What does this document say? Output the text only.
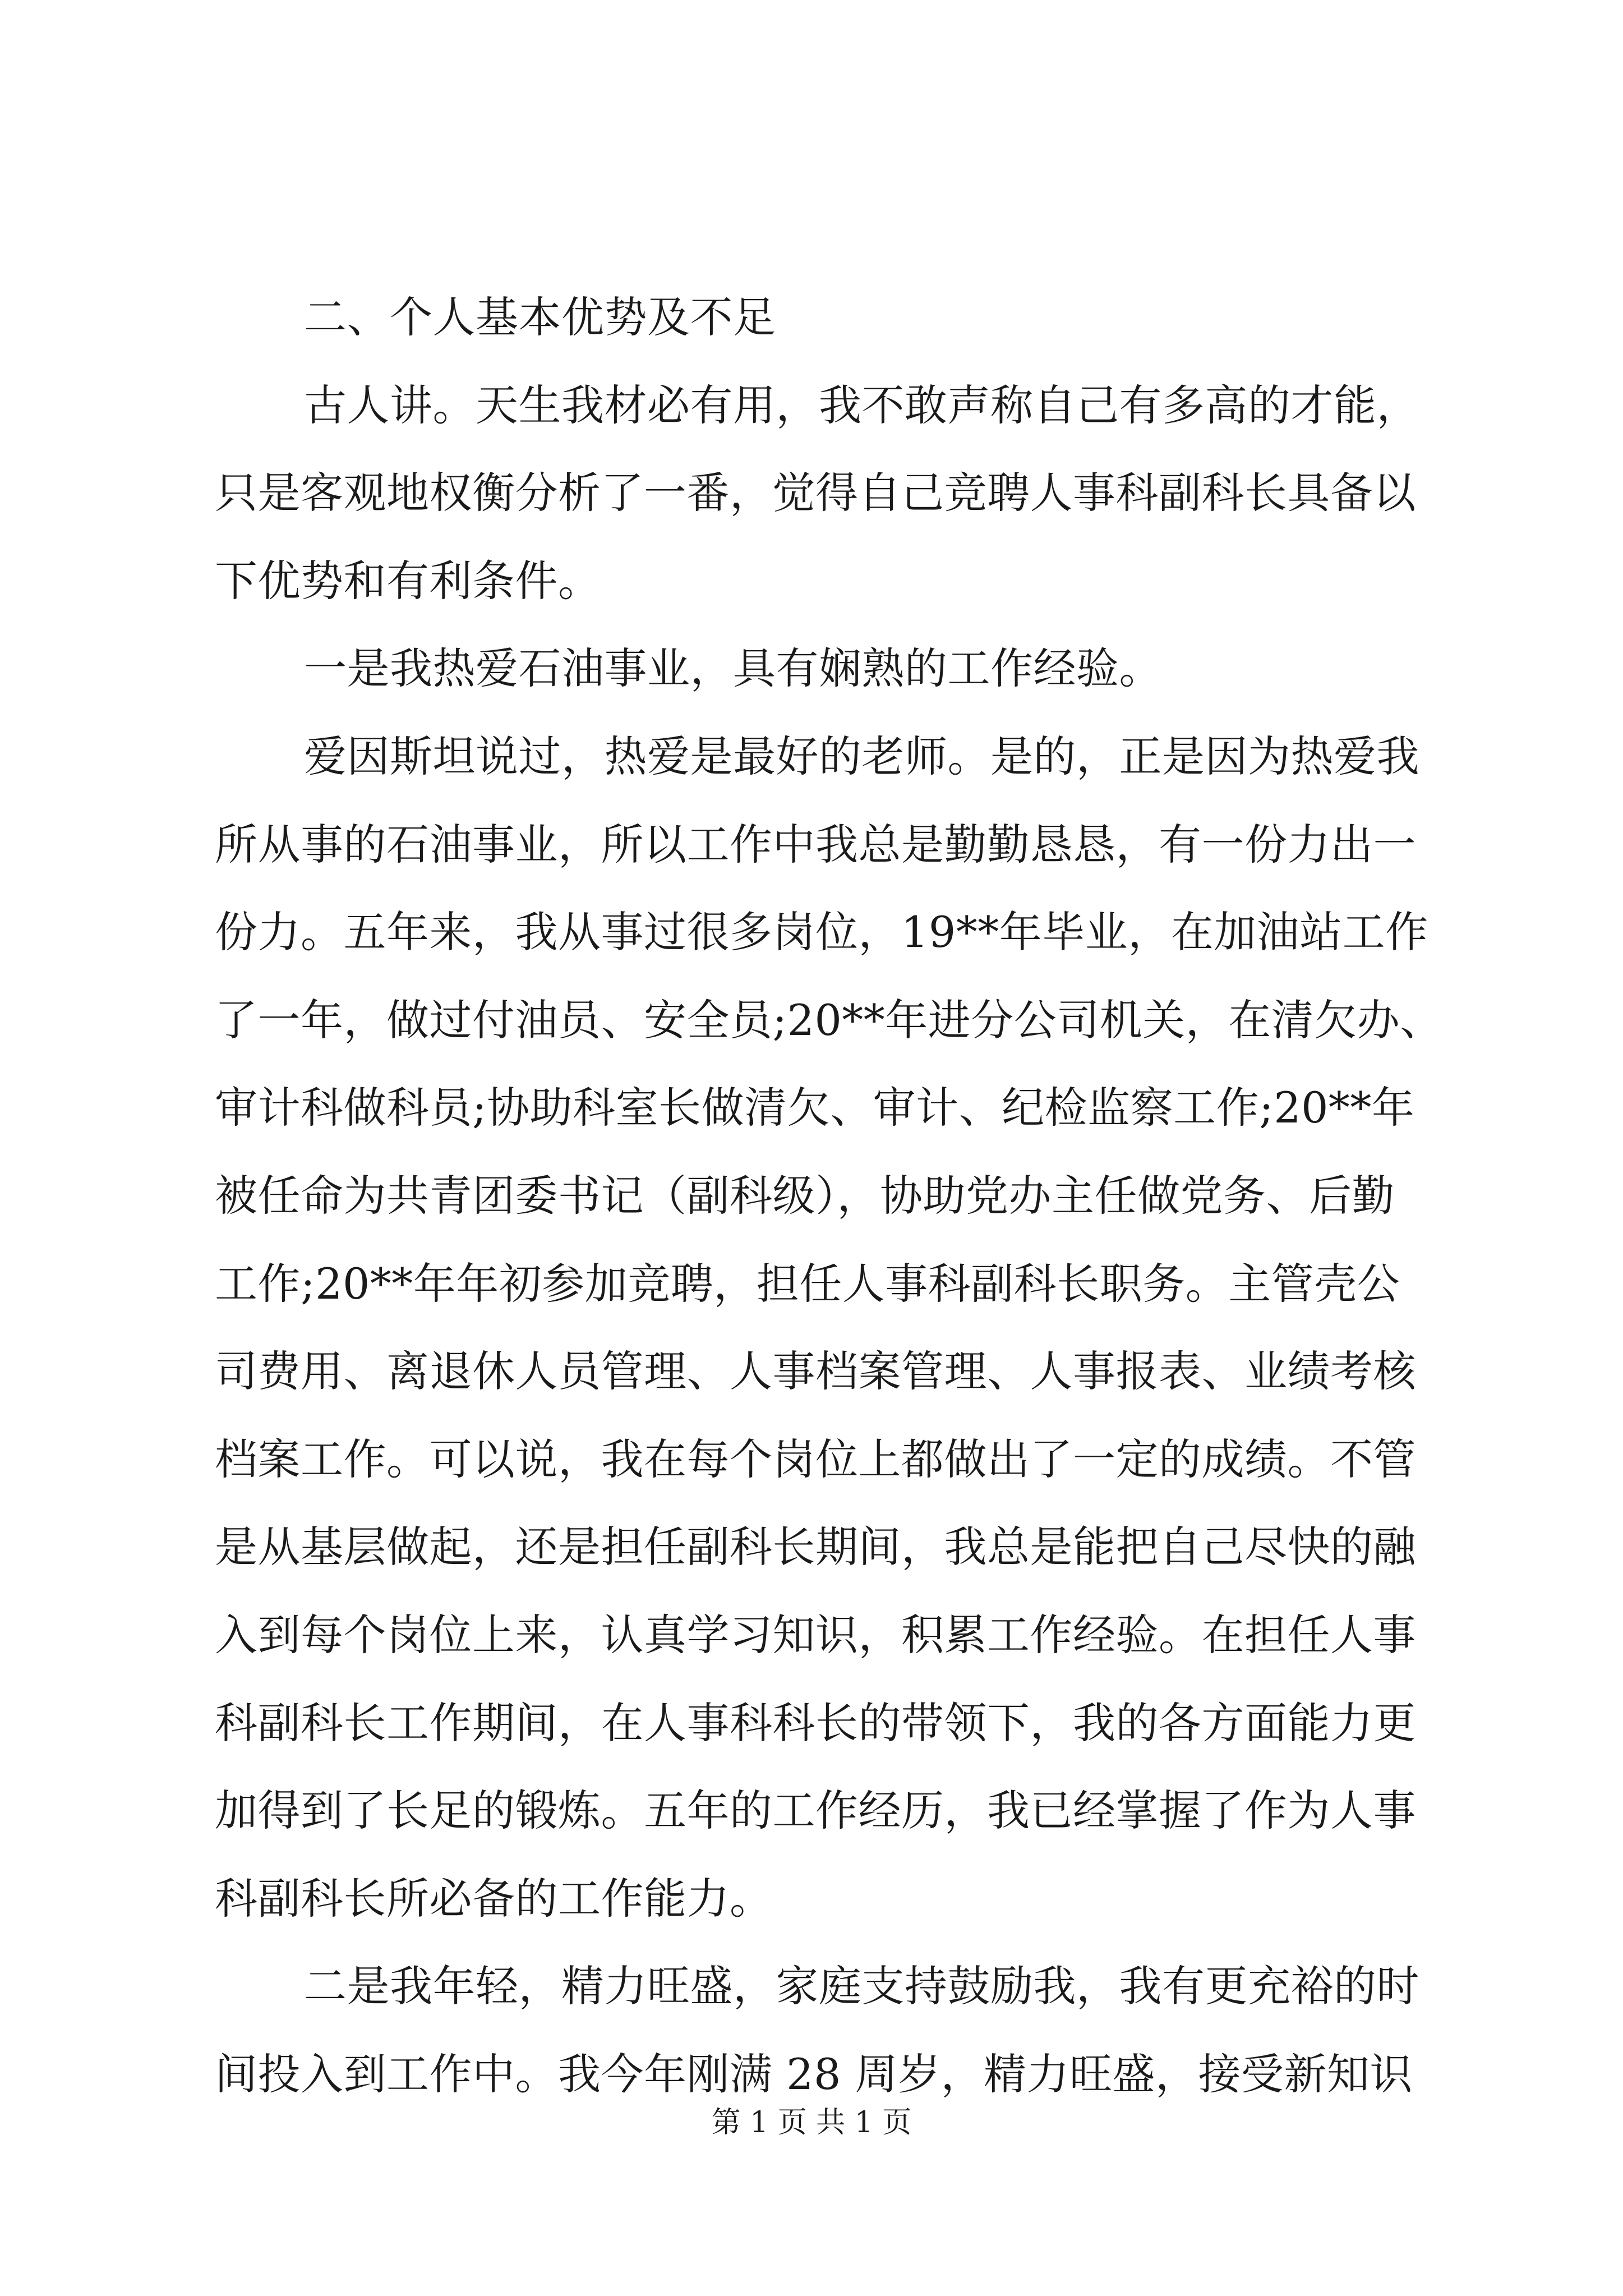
二、个人基本优势及不足
古人讲。天生我材必有用，我不敢声称自己有多高的才能，
只是客观地权衡分析了一番，觉得自己竞聘人事科副科长具备以
下优势和有利条件。
一是我热爱石油事业，具有娴熟的工作经验。
爱因斯坦说过，热爱是最好的老师。是的，正是因为热爱我
所从事的石油事业，所以工作中我总是勤勤恳恳，有一份力出一
份力。五年来，我从事过很多岗位，19**年毕业，在加油站工作
了一年，做过付油员、安全员;20**年进分公司机关，在清欠办、
审计科做科员;协助科室长做清欠、审计、纪检监察工作;20**年
被任命为共青团委书记（副科级），协助党办主任做党务、后勤
工作;20**年年初参加竞聘，担任人事科副科长职务。主管壳公
司费用、离退休人员管理、人事档案管理、人事报表、业绩考核
档案工作。可以说，我在每个岗位上都做出了一定的成绩。不管
是从基层做起，还是担任副科长期间，我总是能把自己尽快的融
入到每个岗位上来，认真学习知识，积累工作经验。在担任人事
科副科长工作期间，在人事科科长的带领下，我的各方面能力更
加得到了长足的锻炼。五年的工作经历，我已经掌握了作为人事
科副科长所必备的工作能力。
二是我年轻，精力旺盛，家庭支持鼓励我，我有更充裕的时
间投入到工作中。我今年刚满 28 周岁，精力旺盛，接受新知识
第 1 页 共 1 页
